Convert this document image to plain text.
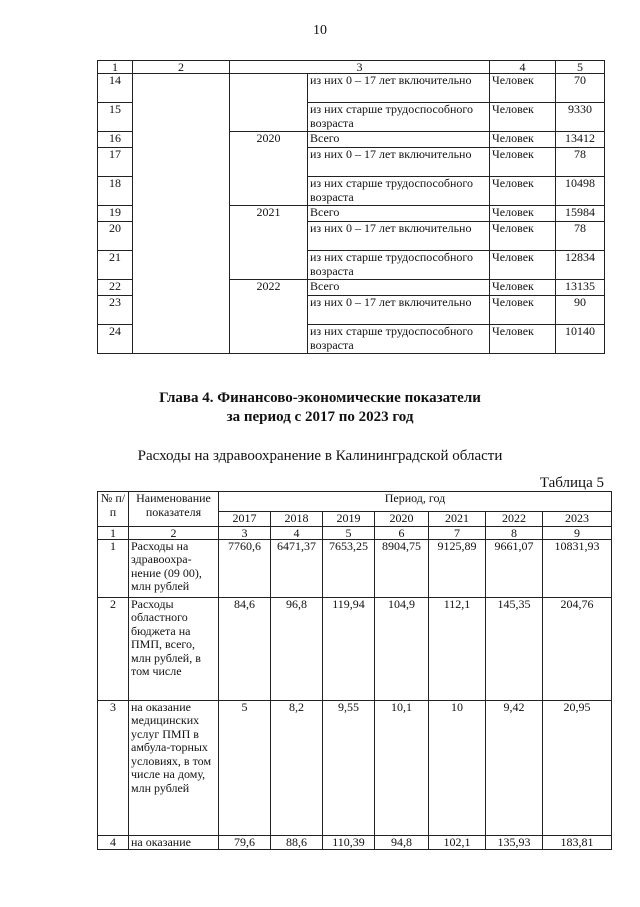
10
1	2	3		4	5
14			из них 0 – 17 лет включительно	Человек	70
15			из них старше трудоспособного возраста	Человек	9330
16		2020	Всего	Человек	13412
17			из них 0 – 17 лет включительно	Человек	78
18			из них старше трудоспособного возраста	Человек	10498
19		2021	Всего	Человек	15984
20			из них 0 – 17 лет включительно	Человек	78
21			из них старше трудоспособного возраста	Человек	12834
22		2022	Всего	Человек	13135
23			из них 0 – 17 лет включительно	Человек	90
24			из них старше трудоспособного возраста	Человек	10140
Глава 4. Финансово-экономические показатели
за период с 2017 по 2023 год
Расходы на здравоохранение в Калининградской области
Таблица 5
№ п/п	Наименование показателя	Период, год						
		2017	2018	2019	2020	2021	2022	2023
1	2	3	4	5	6	7	8	9
1	Расходы на здравоохра-нение (09 00), млн рублей	7760,6	6471,37	7653,25	8904,75	9125,89	9661,07	10831,93
2	Расходы областного бюджета на ПМП, всего, млн рублей, в том числе	84,6	96,8	119,94	104,9	112,1	145,35	204,76
3	на оказание медицинских услуг ПМП в амбула-торных условиях, в том числе на дому, млн рублей	5	8,2	9,55	10,1	10	9,42	20,95
4	на оказание	79,6	88,6	110,39	94,8	102,1	135,93	183,81
